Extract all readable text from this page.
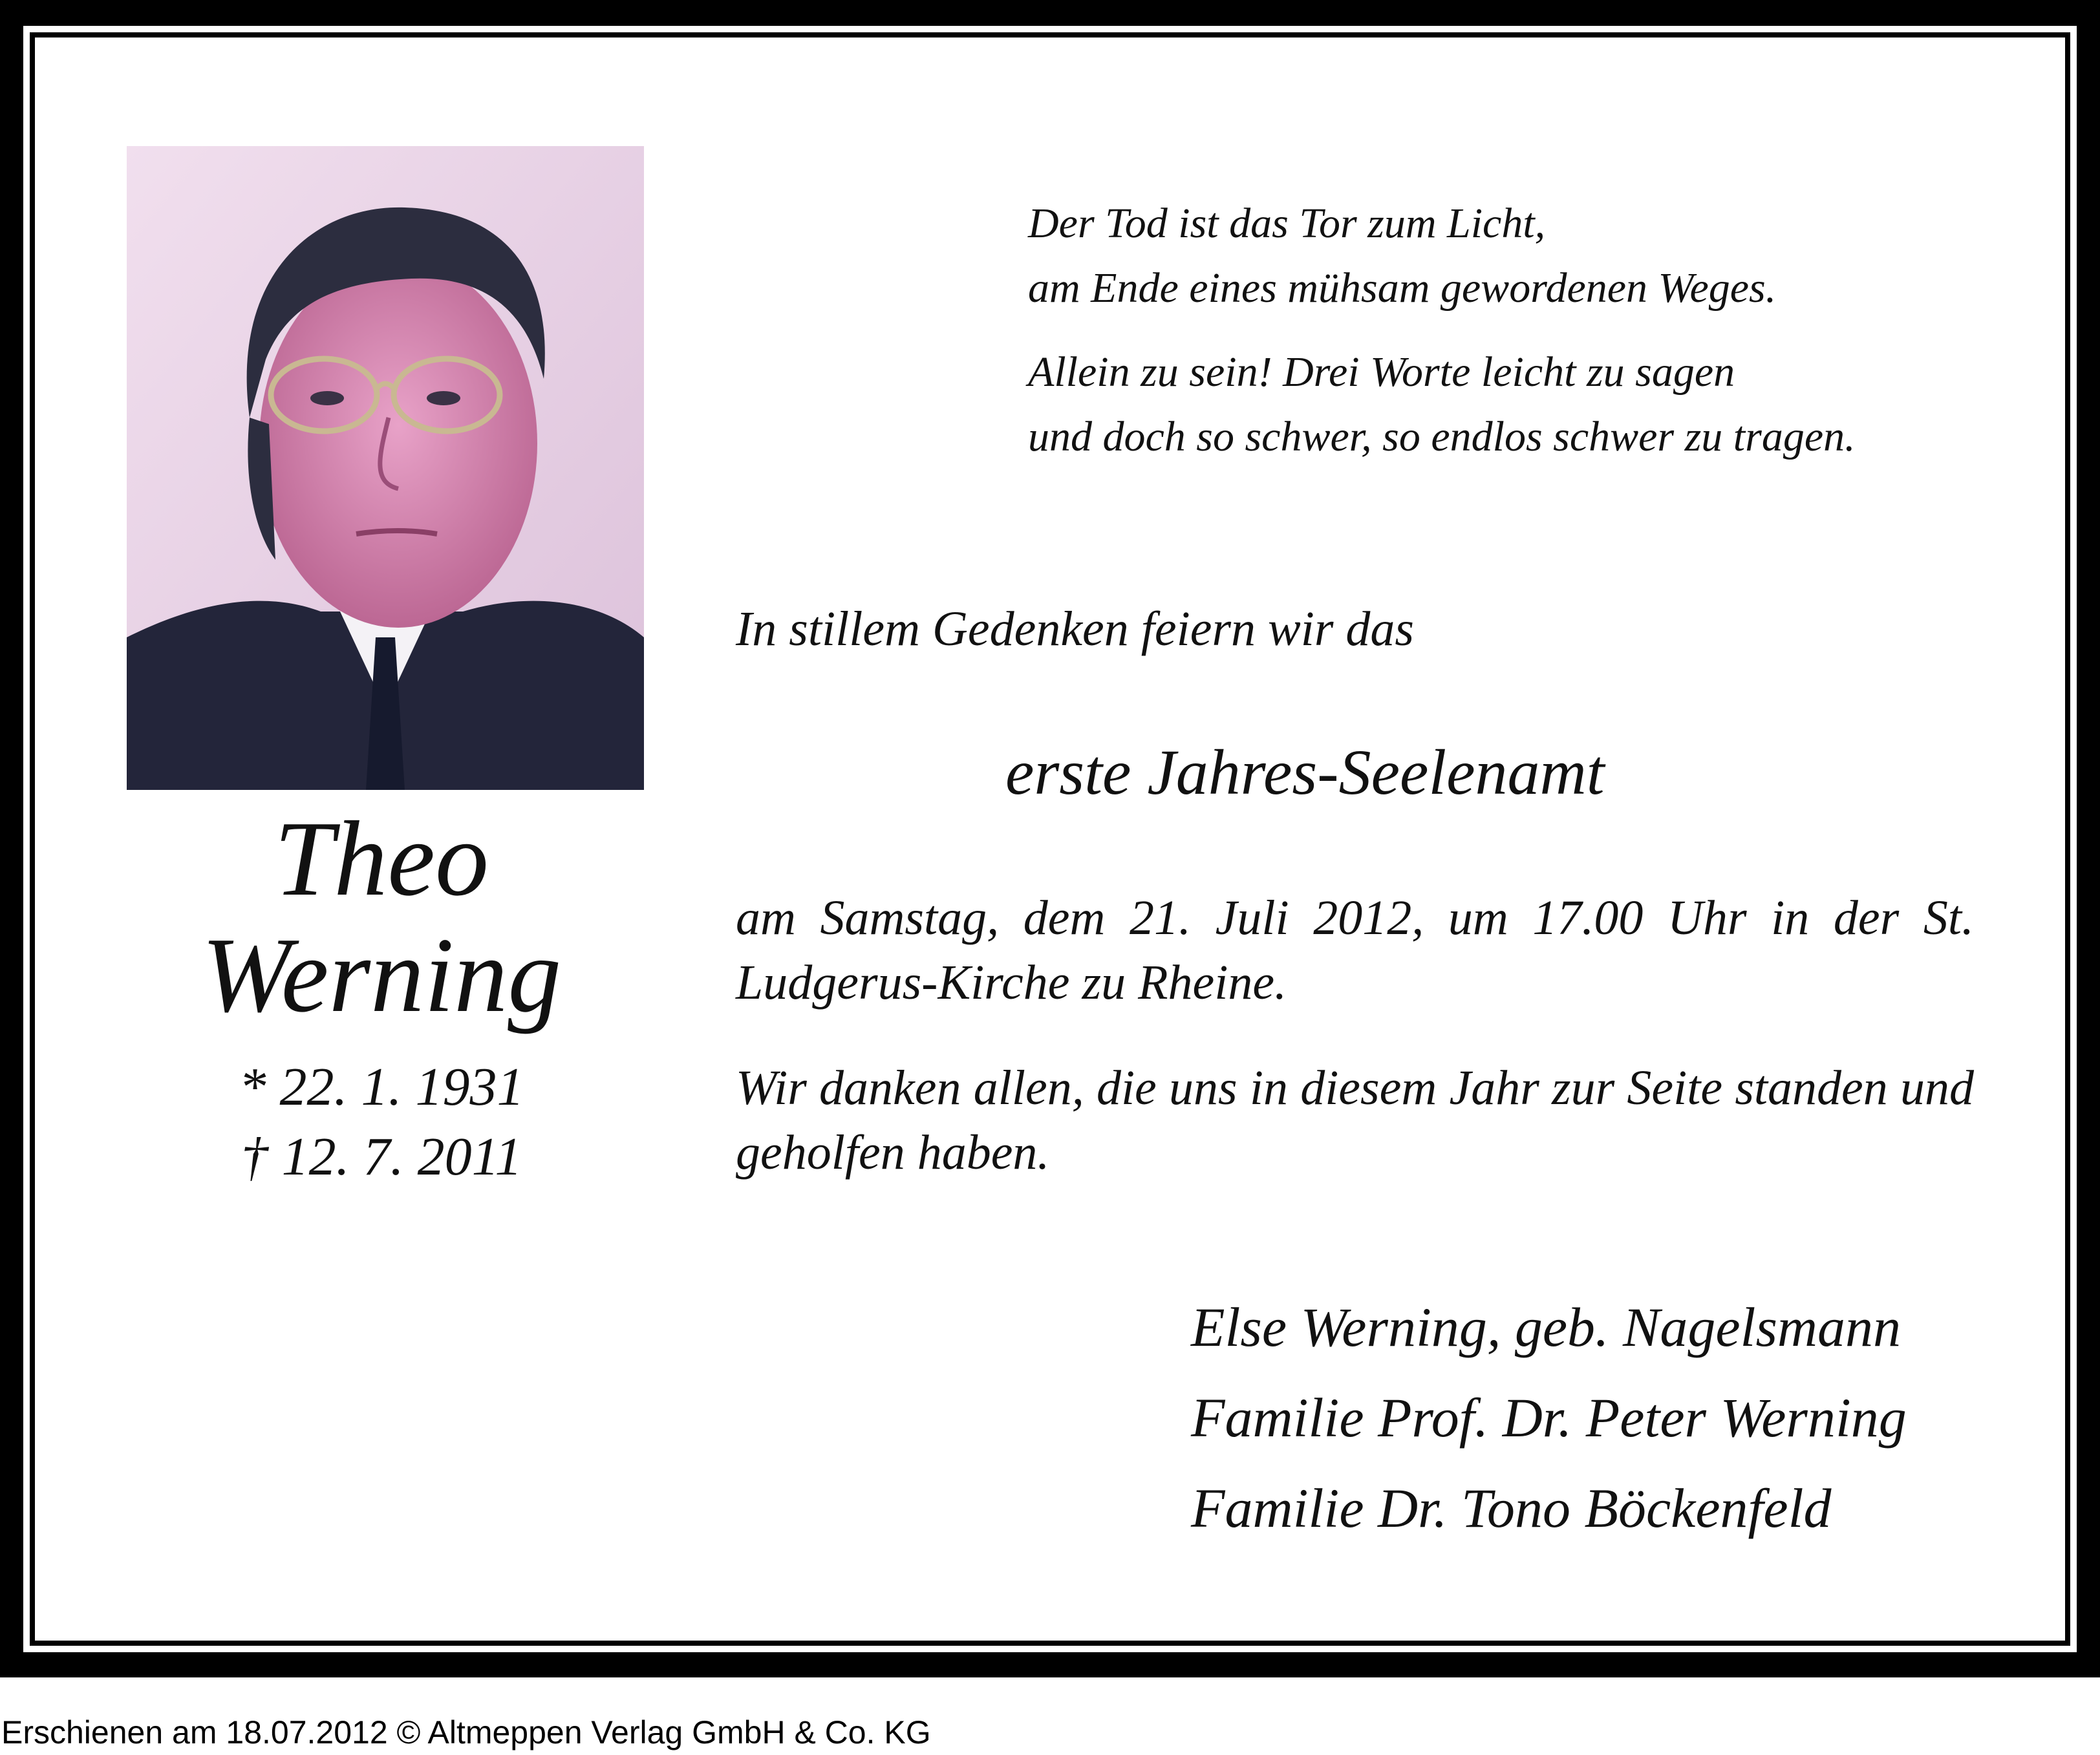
Theo
Werning
* 22. 1. 1931
† 12. 7. 2011
Der Tod ist das Tor zum Licht,
am Ende eines mühsam gewordenen Weges.
Allein zu sein! Drei Worte leicht zu sagen
und doch so schwer, so endlos schwer zu tragen.
In stillem Gedenken feiern wir das
erste Jahres-Seelenamt
am Samstag, dem 21. Juli 2012, um 17.00 Uhr in der St. Ludgerus-Kirche zu Rheine.
Wir danken allen, die uns in diesem Jahr zur Seite standen und geholfen haben.
Else Werning, geb. Nagelsmann
Familie Prof. Dr. Peter Werning
Familie Dr. Tono Böckenfeld
Erschienen am 18.07.2012 © Altmeppen Verlag GmbH & Co. KG
